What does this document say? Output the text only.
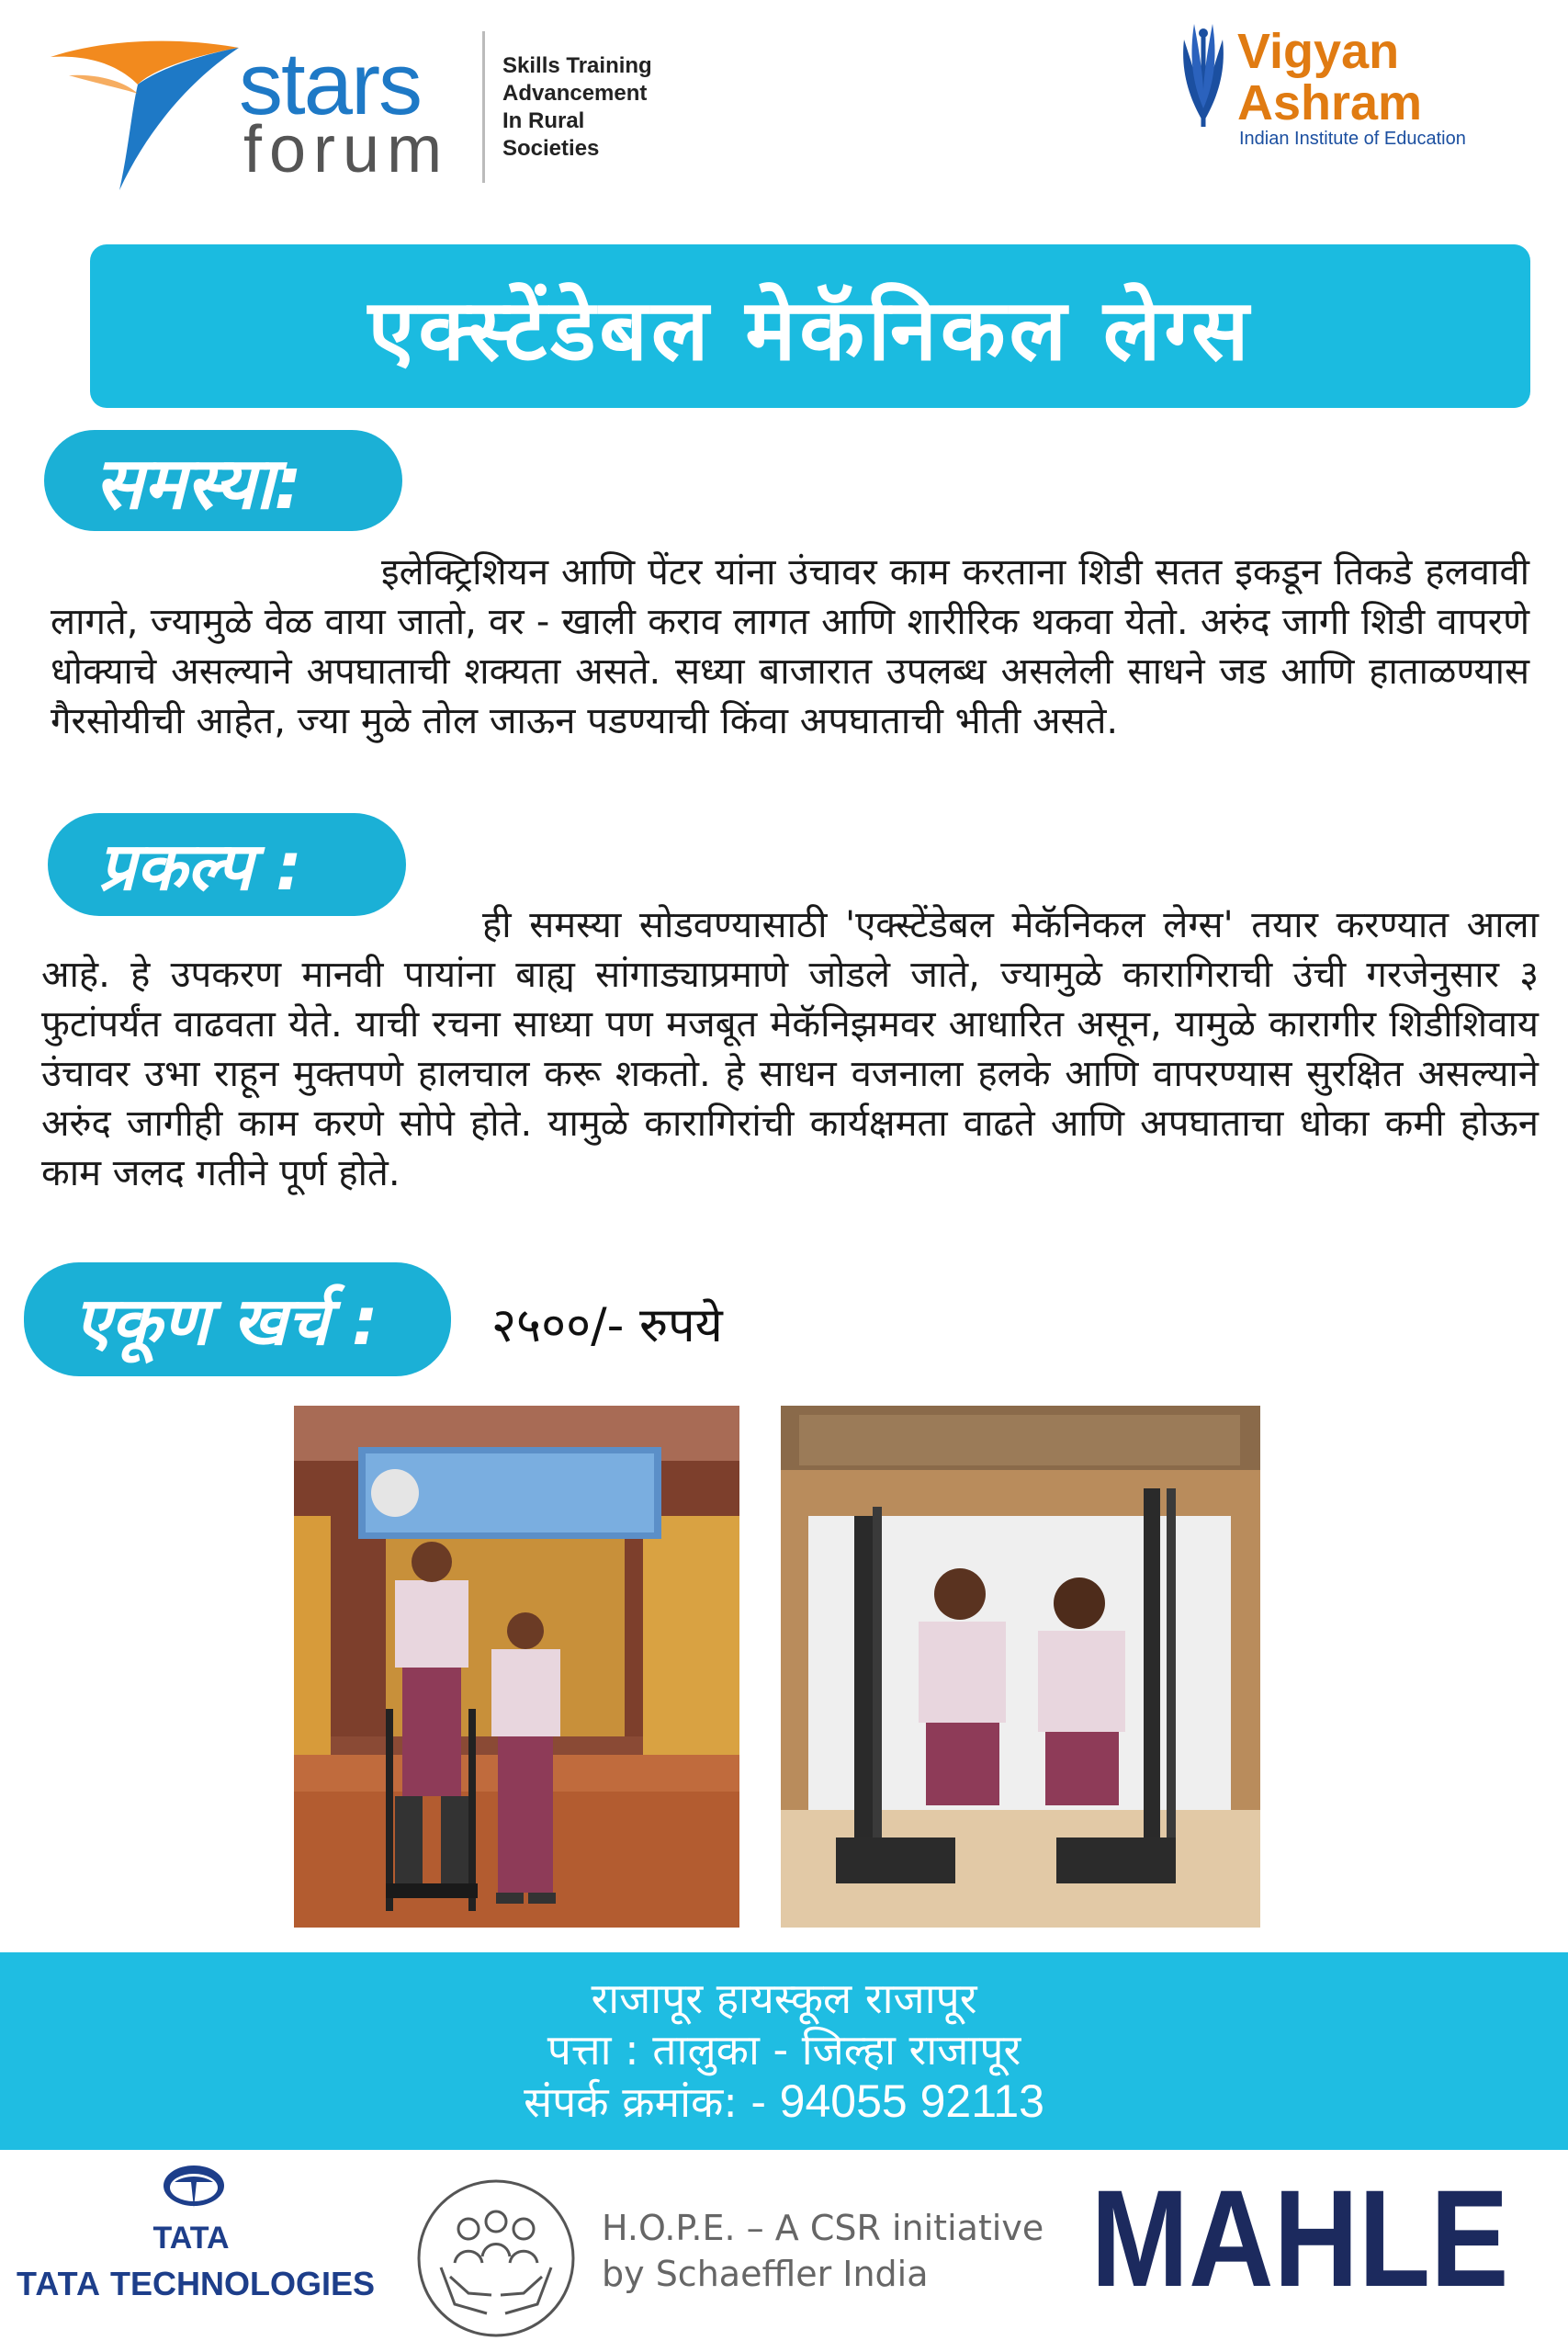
stars
forum
Skills Training
Advancement
In Rural
Societies
Vigyan
Ashram
Indian Institute of Education
एक्स्टेंडेबल मेकॅनिकल लेग्स
समस्या:

इलेक्ट्रिशियन आणि पेंटर यांना उंचावर काम करताना शिडी सतत इकडून तिकडे हलवावी लागते, ज्यामुळे वेळ वाया जातो, वर - खाली कराव लागत आणि शारीरिक थकवा येतो. अरुंद जागी शिडी वापरणे धोक्याचे असल्याने अपघाताची शक्यता असते. सध्या बाजारात उपलब्ध असलेली साधने जड आणि हाताळण्यास गैरसोयीची आहेत, ज्या मुळे तोल जाऊन पडण्याची किंवा अपघाताची भीती असते.

प्रकल्प :

ही समस्या सोडवण्यासाठी 'एक्स्टेंडेबल मेकॅनिकल लेग्स' तयार करण्यात आला आहे. हे उपकरण मानवी पायांना बाह्य सांगाड्याप्रमाणे जोडले जाते, ज्यामुळे कारागिराची उंची गरजेनुसार ३ फुटांपर्यंत वाढवता येते. याची रचना साध्या पण मजबूत मेकॅनिझमवर आधारित असून, यामुळे कारागीर शिडीशिवाय उंचावर उभा राहून मुक्तपणे हालचाल करू शकतो. हे साधन वजनाला हलके आणि वापरण्यास सुरक्षित असल्याने अरुंद जागीही काम करणे सोपे होते. यामुळे कारागिरांची कार्यक्षमता वाढते आणि अपघाताचा धोका कमी होऊन काम जलद गतीने पूर्ण होते.

एकूण खर्च :	२५००/- रुपये
राजापूर हायस्कूल राजापूर
पत्ता : तालुका - जिल्हा राजापूर
संपर्क क्रमांक: - 94055 92113
TATA
TATA TECHNOLOGIES
H.O.P.E. – A CSR initiative
by Schaeffler India	MAHLE
